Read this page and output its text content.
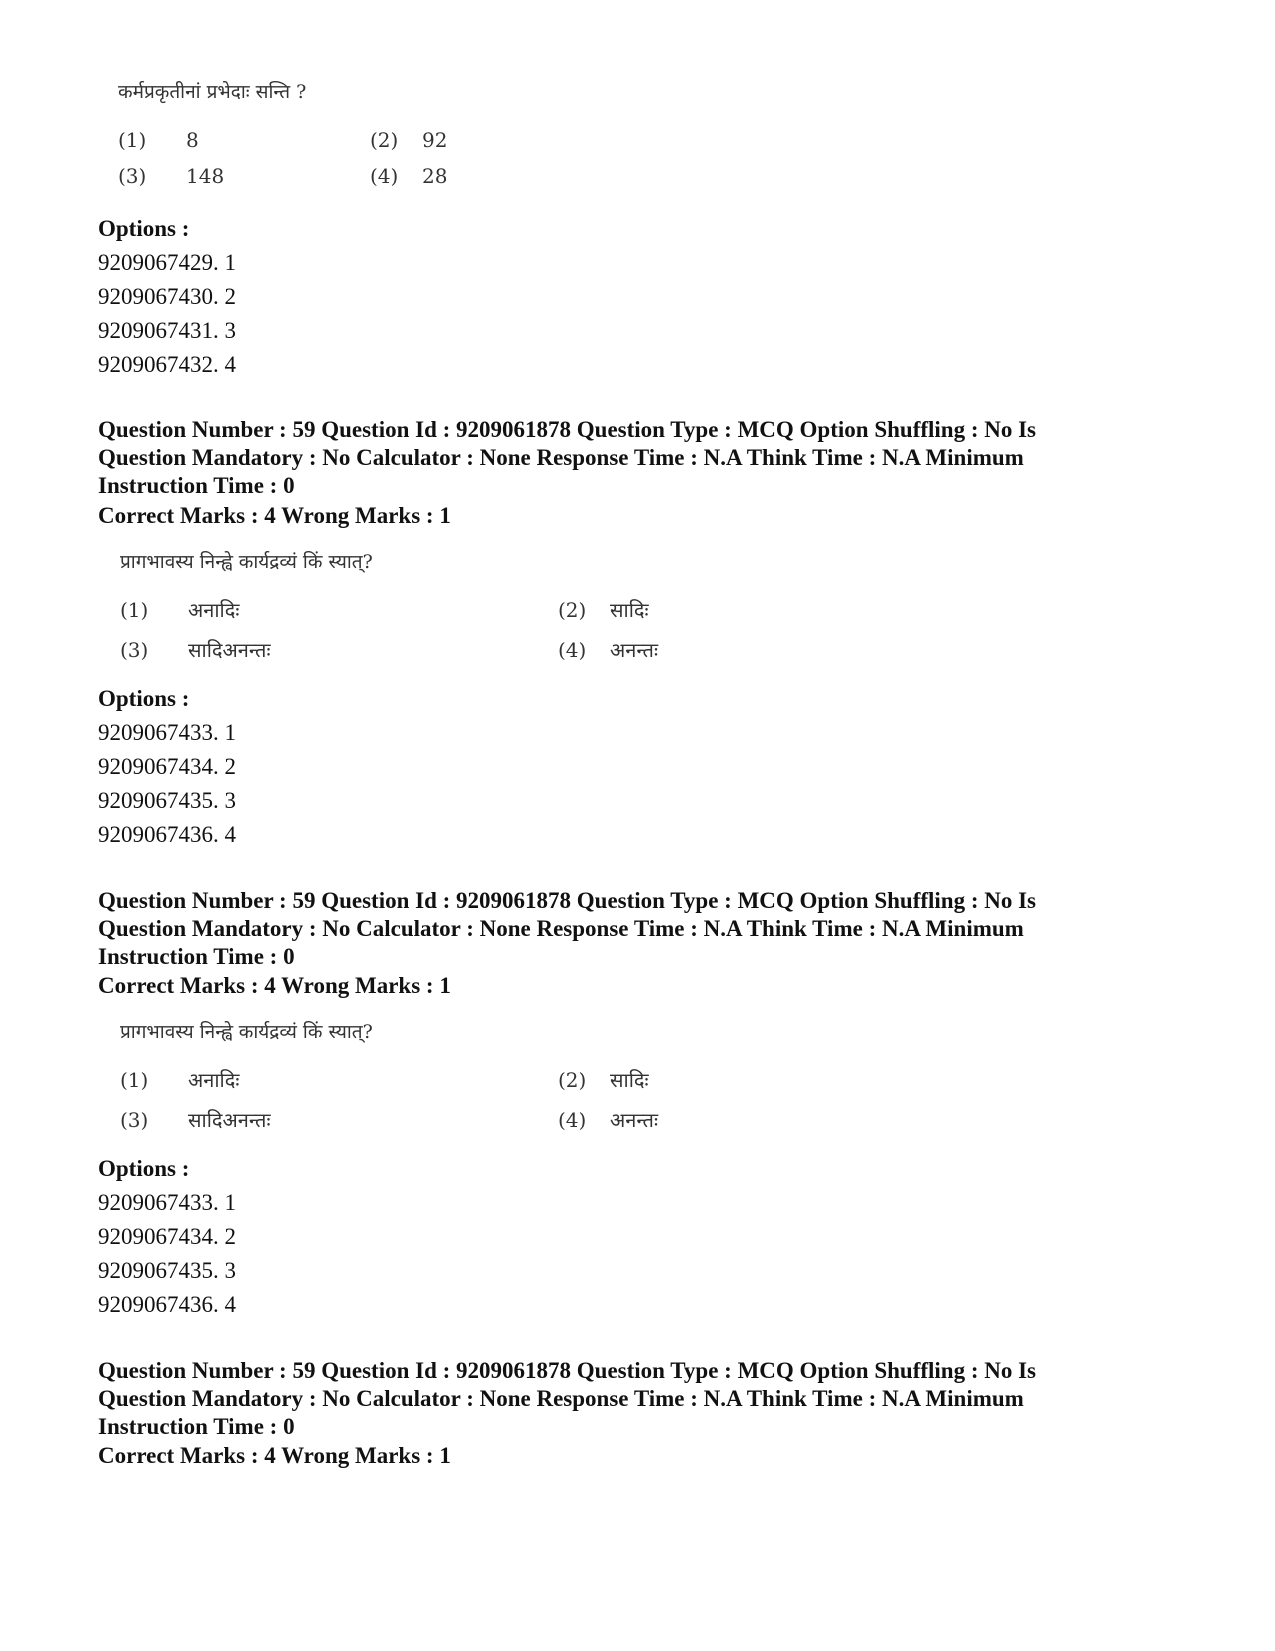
कर्मप्रकृतीनां प्रभेदाः सन्ति ?
(1) 8	(2) 92
(3) 148	(4) 28
Options :
9209067429. 1
9209067430. 2
9209067431. 3
9209067432. 4
Question Number : 59 Question Id : 9209061878 Question Type : MCQ Option Shuffling : No Is
Question Mandatory : No Calculator : None Response Time : N.A Think Time : N.A Minimum
Instruction Time : 0
Correct Marks : 4 Wrong Marks : 1
प्रागभावस्य निन्ह्वे कार्यद्रव्यं किं स्यात्?
(1) अनादिः	(2) सादिः
(3) सादिअनन्तः	(4) अनन्तः
Options :
9209067433. 1
9209067434. 2
9209067435. 3
9209067436. 4
Question Number : 59 Question Id : 9209061878 Question Type : MCQ Option Shuffling : No Is
Question Mandatory : No Calculator : None Response Time : N.A Think Time : N.A Minimum
Instruction Time : 0
Correct Marks : 4 Wrong Marks : 1
प्रागभावस्य निन्ह्वे कार्यद्रव्यं किं स्यात्?
(1) अनादिः	(2) सादिः
(3) सादिअनन्तः	(4) अनन्तः
Options :
9209067433. 1
9209067434. 2
9209067435. 3
9209067436. 4
Question Number : 59 Question Id : 9209061878 Question Type : MCQ Option Shuffling : No Is
Question Mandatory : No Calculator : None Response Time : N.A Think Time : N.A Minimum
Instruction Time : 0
Correct Marks : 4 Wrong Marks : 1
